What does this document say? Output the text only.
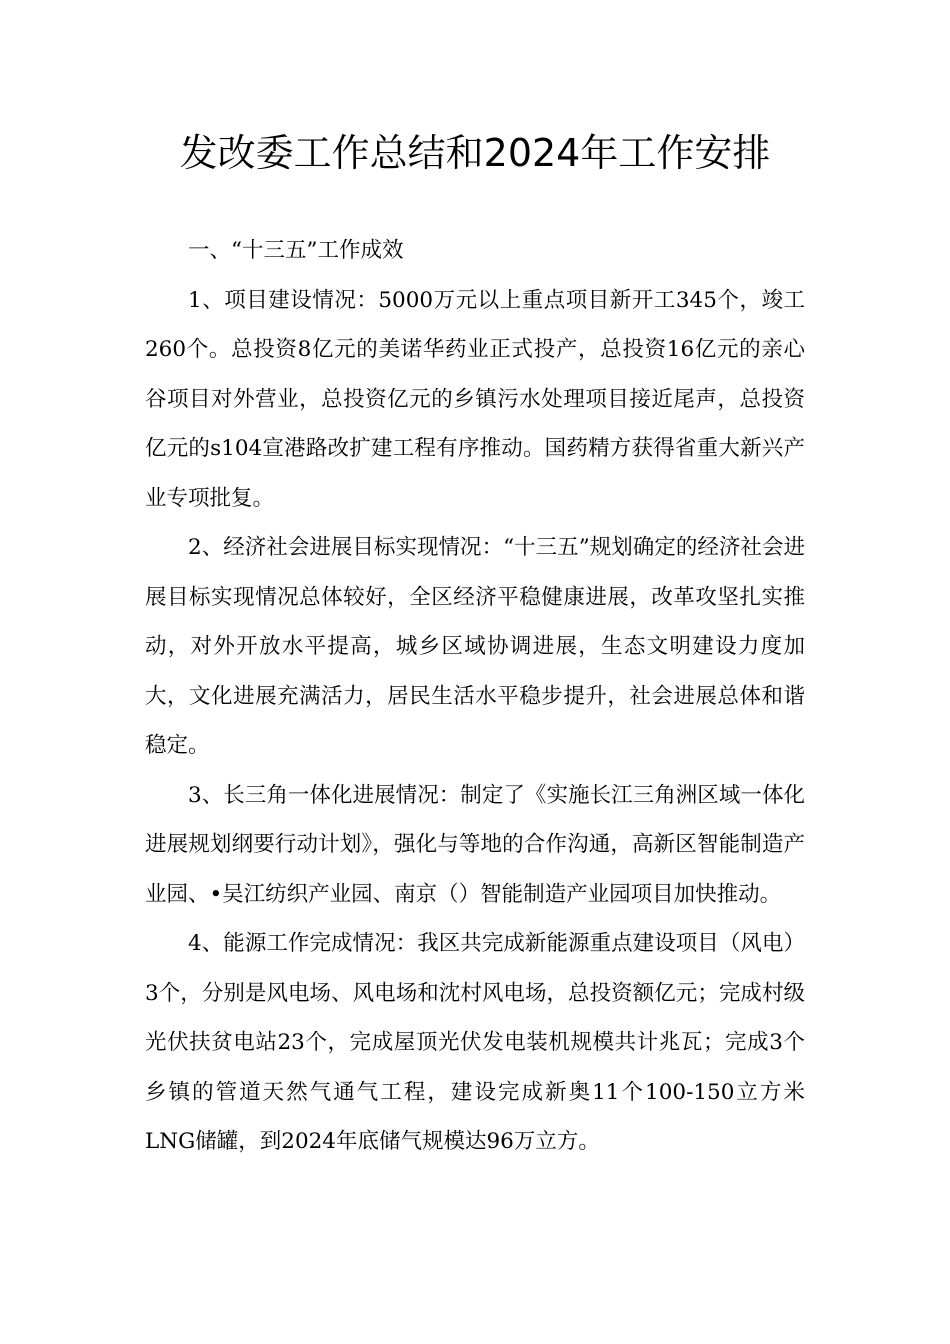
发改委工作总结和2024年工作安排

一、“十三五”工作成效

1、项目建设情况：5000万元以上重点项目新开工345个，竣工260个。总投资8亿元的美诺华药业正式投产，总投资16亿元的亲心谷项目对外营业，总投资亿元的乡镇污水处理项目接近尾声，总投资亿元的s104宣港路改扩建工程有序推动。国药精方获得省重大新兴产业专项批复。

2、经济社会进展目标实现情况：“十三五”规划确定的经济社会进展目标实现情况总体较好，全区经济平稳健康进展，改革攻坚扎实推动，对外开放水平提高，城乡区域协调进展，生态文明建设力度加大，文化进展充满活力，居民生活水平稳步提升，社会进展总体和谐稳定。

3、长三角一体化进展情况：制定了《实施长江三角洲区域一体化进展规划纲要行动计划》，强化与等地的合作沟通，高新区智能制造产业园、•吴江纺织产业园、南京（）智能制造产业园项目加快推动。

4、能源工作完成情况：我区共完成新能源重点建设项目（风电）3个，分别是风电场、风电场和沈村风电场，总投资额亿元；完成村级光伏扶贫电站23个，完成屋顶光伏发电装机规模共计兆瓦；完成3个乡镇的管道天然气通气工程，建设完成新奥11个100-150立方米LNG储罐，到2024年底储气规模达96万立方。
